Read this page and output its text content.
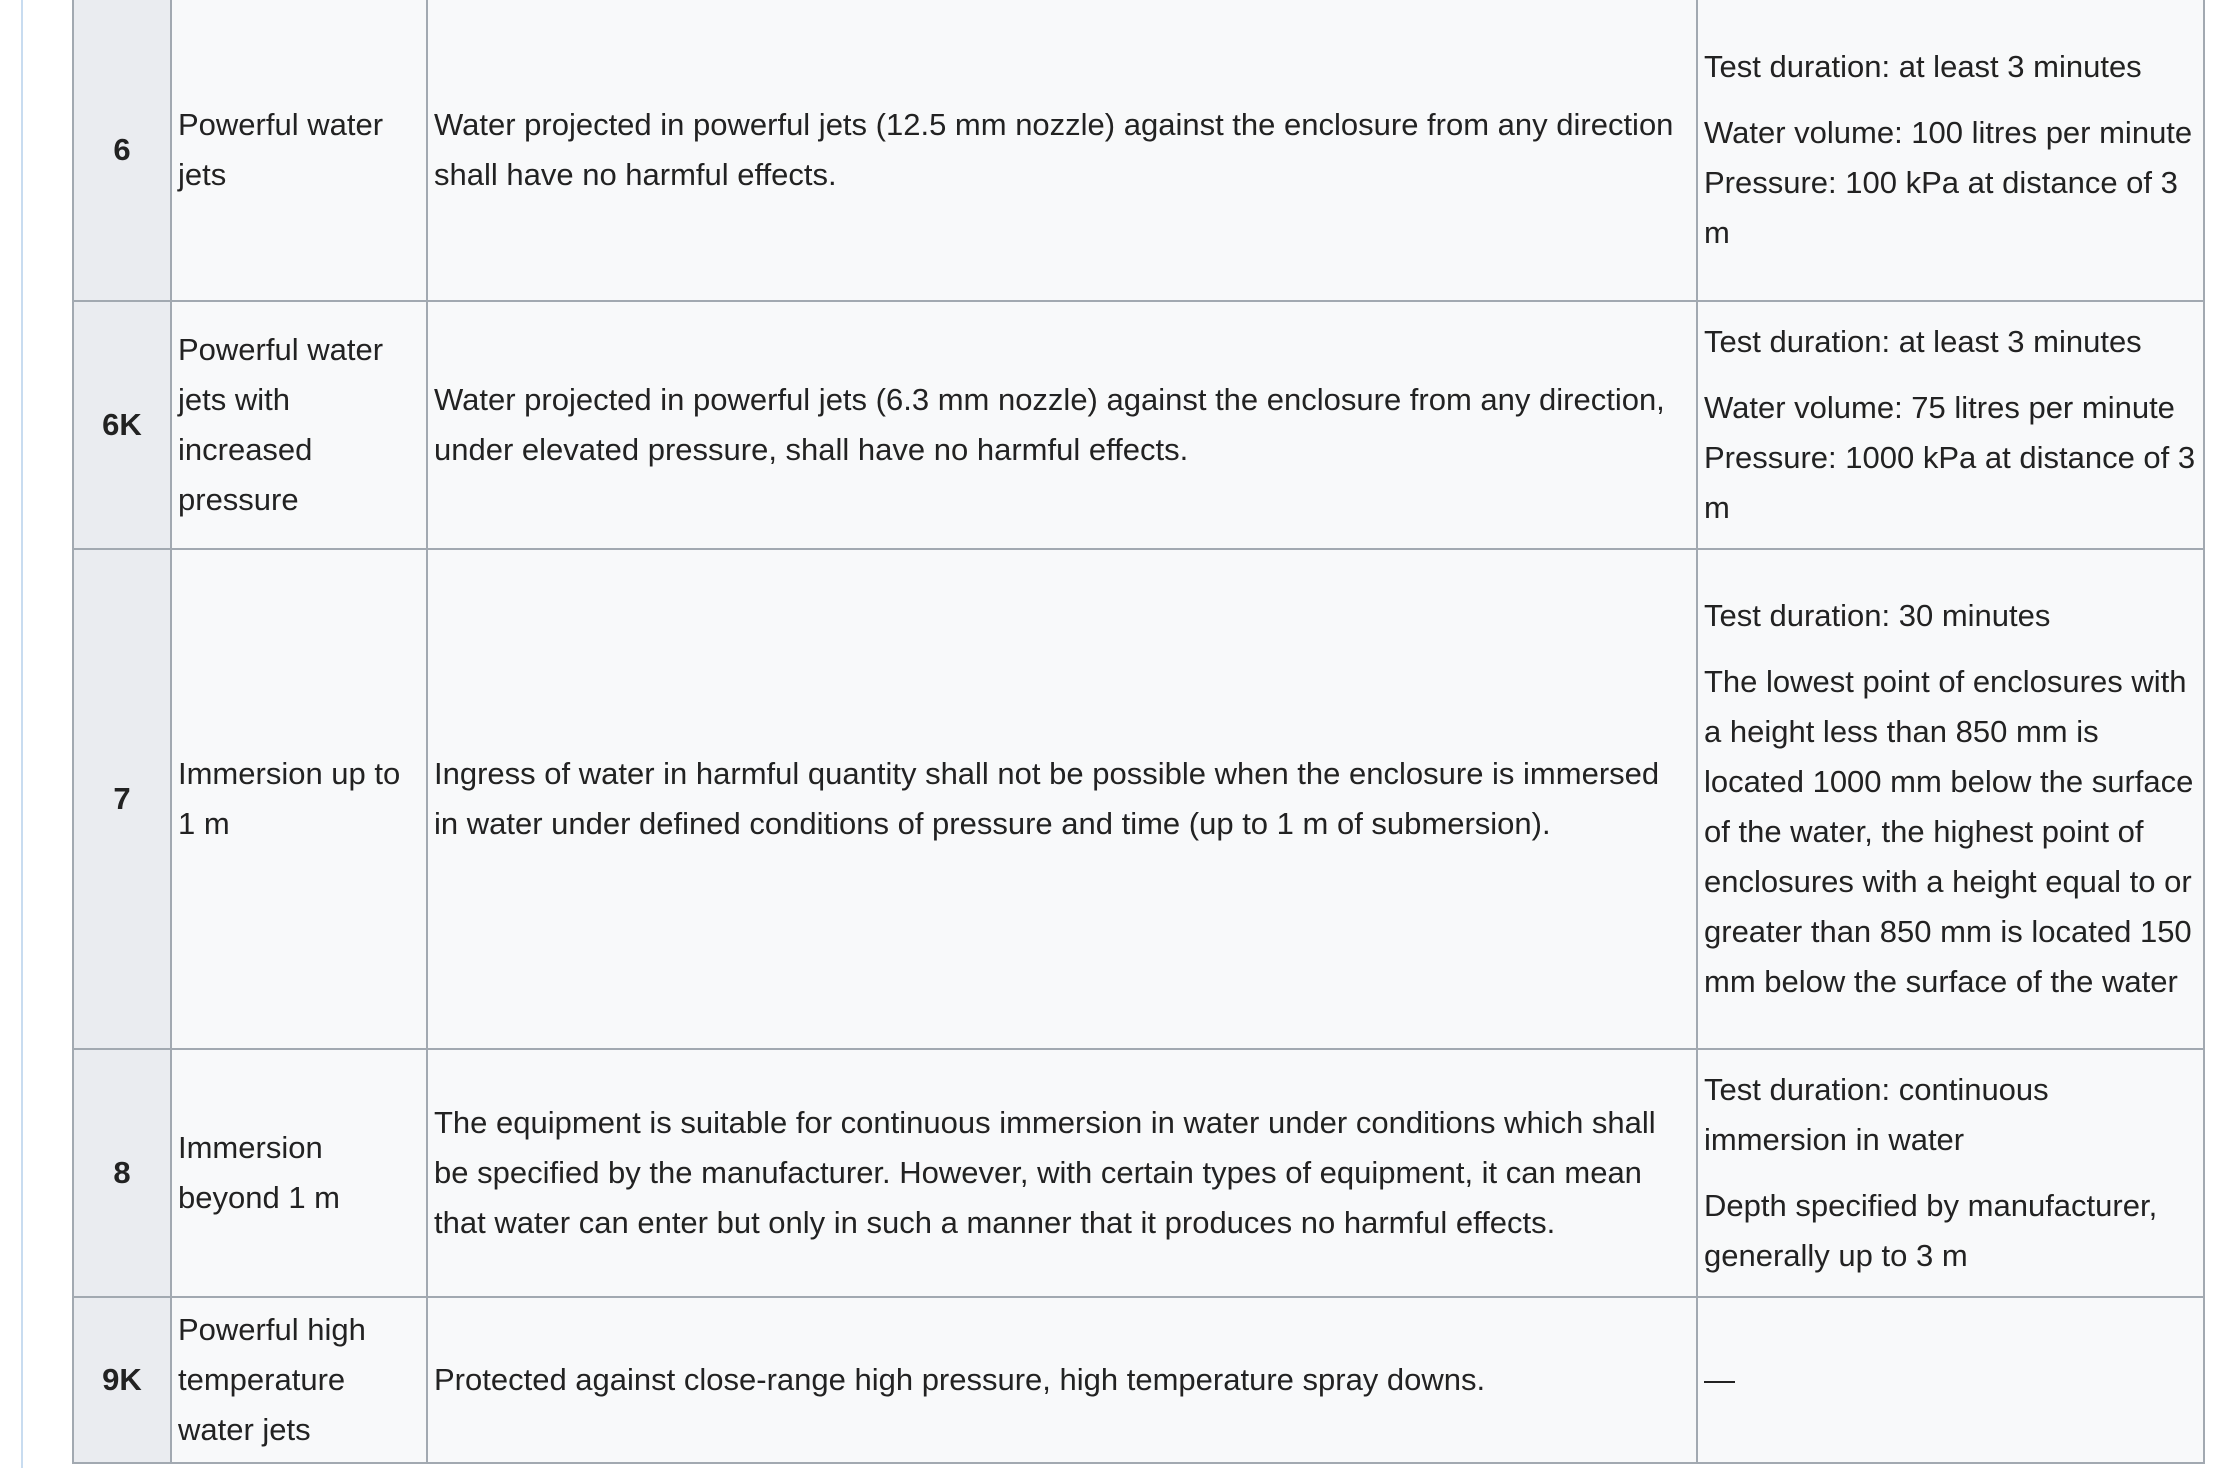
6	Powerful water jets	Water projected in powerful jets (12.5 mm nozzle) against the enclosure from any direction shall have no harmful effects.	Test duration: at least 3 minutes

Water volume: 100 litres per minute
Pressure: 100 kPa at distance of 3 m

6K	Powerful water jets with increased pressure	Water projected in powerful jets (6.3 mm nozzle) against the enclosure from any direction, under elevated pressure, shall have no harmful effects.	Test duration: at least 3 minutes

Water volume: 75 litres per minute
Pressure: 1000 kPa at distance of 3 m

7	Immersion up to 1 m	Ingress of water in harmful quantity shall not be possible when the enclosure is immersed in water under defined conditions of pressure and time (up to 1 m of submersion).	Test duration: 30 minutes

The lowest point of enclosures with a height less than 850 mm is located 1000 mm below the surface of the water, the highest point of enclosures with a height equal to or greater than 850 mm is located 150 mm below the surface of the water

8	Immersion beyond 1 m	The equipment is suitable for continuous immersion in water under conditions which shall be specified by the manufacturer. However, with certain types of equipment, it can mean that water can enter but only in such a manner that it produces no harmful effects.	Test duration: continuous immersion in water

Depth specified by manufacturer, generally up to 3 m

9K	Powerful high temperature water jets	Protected against close-range high pressure, high temperature spray downs.	—
